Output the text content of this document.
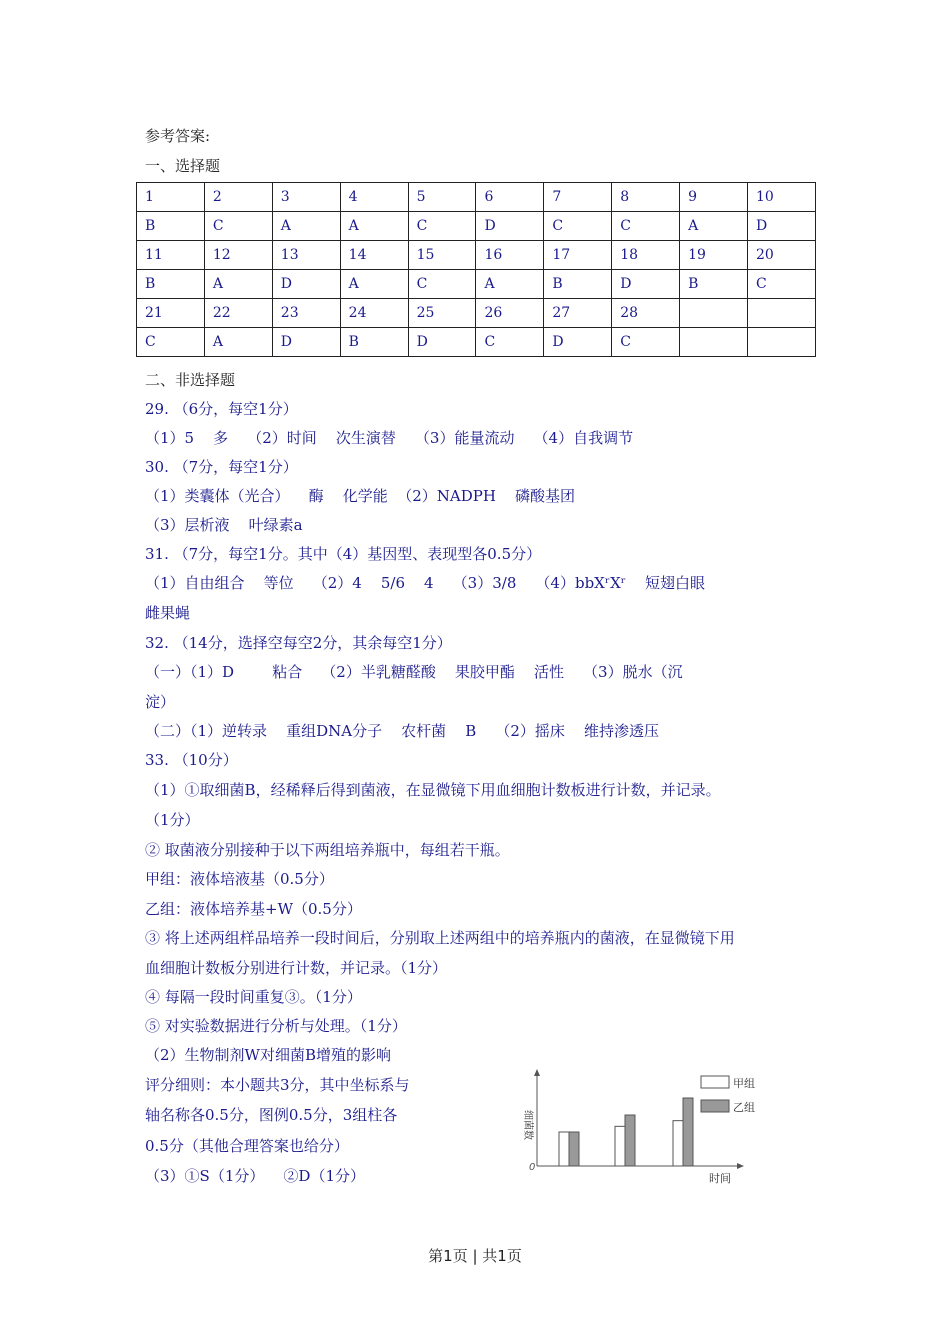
参考答案:
一、选择题
1	2	3	4	5	6	7	8	9	10
B	C	A	A	C	D	C	C	A	D
11	12	13	14	15	16	17	18	19	20
B	A	D	A	C	A	B	D	B	C
21	22	23	24	25	26	27	28		
C	A	D	B	D	C	D	C		
二、非选择题
29. （6分，每空1分）
（1）5    多    （2）时间    次生演替    （3）能量流动    （4）自我调节
30. （7分，每空1分）
（1）类囊体（光合）    酶    化学能  （2）NADPH    磷酸基团
（3）层析液    叶绿素a
31. （7分，每空1分。其中（4）基因型、表现型各0.5分）
（1）自由组合    等位    （2）4    5/6    4    （3）3/8    （4）bbXʳXʳ    短翅白眼
雌果蝇
32. （14分，选择空每空2分，其余每空1分）
（一）（1）D        粘合    （2）半乳糖醛酸    果胶甲酯    活性    （3）脱水（沉
淀）
（二）（1）逆转录    重组DNA分子    农杆菌    B    （2）摇床    维持渗透压
33. （10分）
（1）①取细菌B，经稀释后得到菌液，在显微镜下用血细胞计数板进行计数，并记录。
（1分）
② 取菌液分别接种于以下两组培养瓶中，每组若干瓶。
甲组：液体培液基（0.5分）
乙组：液体培养基+W（0.5分）
③ 将上述两组样品培养一段时间后，分别取上述两组中的培养瓶内的菌液，在显微镜下用
血细胞计数板分别进行计数，并记录。（1分）
④ 每隔一段时间重复③。（1分）
⑤ 对实验数据进行分析与处理。（1分）
（2）生物制剂W对细菌B增殖的影响
评分细则：本小题共3分，其中坐标系与
轴名称各0.5分，图例0.5分，3组柱各
0.5分（其他合理答案也给分）
（3）①S（1分）    ②D（1分）	0
时间
细菌数
甲组
乙组
第1页 | 共1页
